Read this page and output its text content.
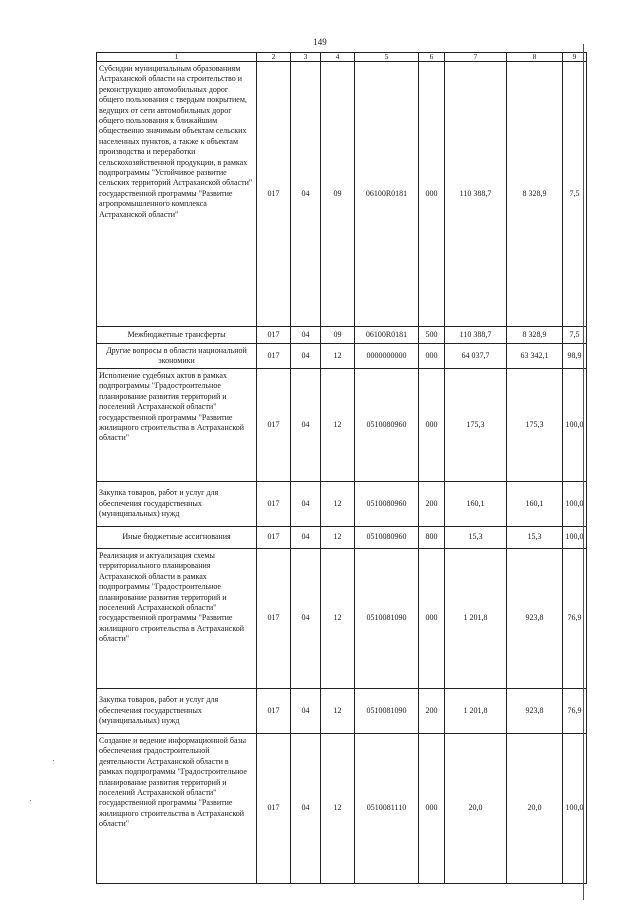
149
1	2	3	4	5	6	7	8	9

Субсидии муниципальным образованиям Астраханской области на строительство и реконструкцию автомобильных дорог общего пользования с твердым покрытием, ведущих от сети автомобильных дорог общего пользования к ближайшим общественно значимым объектам сельских населенных пунктов, а также к объектам производства и переработки сельскохозяйственной продукции, в рамках подпрограммы "Устойчивое развитие сельских территорий Астраханской области" государственной программы "Развитие агропромышленного комплекса Астраханской области"	017	04	09	06100R0181	000	110 388,7	8 328,9	7,5

Межбюджетные трансферты	017	04	09	06100R0181	500	110 388,7	8 328,9	7,5

Другие вопросы в области национальной экономики	017	04	12	0000000000	000	64 037,7	63 342,1	98,9

Исполнение судебных актов в рамках подпрограммы "Градостроительное планирование развития территорий и поселений Астраханской области" государственной программы "Развитие жилищного строительства в Астраханской области"	017	04	12	0510080960	000	175,3	175,3	100,0

Закупка товаров, работ и услуг для обеспечения государственных (муниципальных) нужд	017	04	12	0510080960	200	160,1	160,1	100,0

Иные бюджетные ассигнования	017	04	12	0510080960	800	15,3	15,3	100,0

Реализация и актуализация схемы территориального планирования Астраханской области в рамках подпрограммы "Градостроительное планирование развития территорий и поселений Астраханской области" государственной программы "Развитие жилищного строительства в Астраханской области"	017	04	12	0510081090	000	1 201,8	923,8	76,9

Закупка товаров, работ и услуг для обеспечения государственных (муниципальных) нужд	017	04	12	0510081090	200	1 201,8	923,8	76,9

Создание и ведение информационной базы обеспечения градостроительной деятельности Астраханской области в рамках подпрограммы "Градостроительное планирование развития территорий и поселений Астраханской области" государственной программы "Развитие жилищного строительства в Астраханской области"	017	04	12	0510081110	000	20,0	20,0	100,0
